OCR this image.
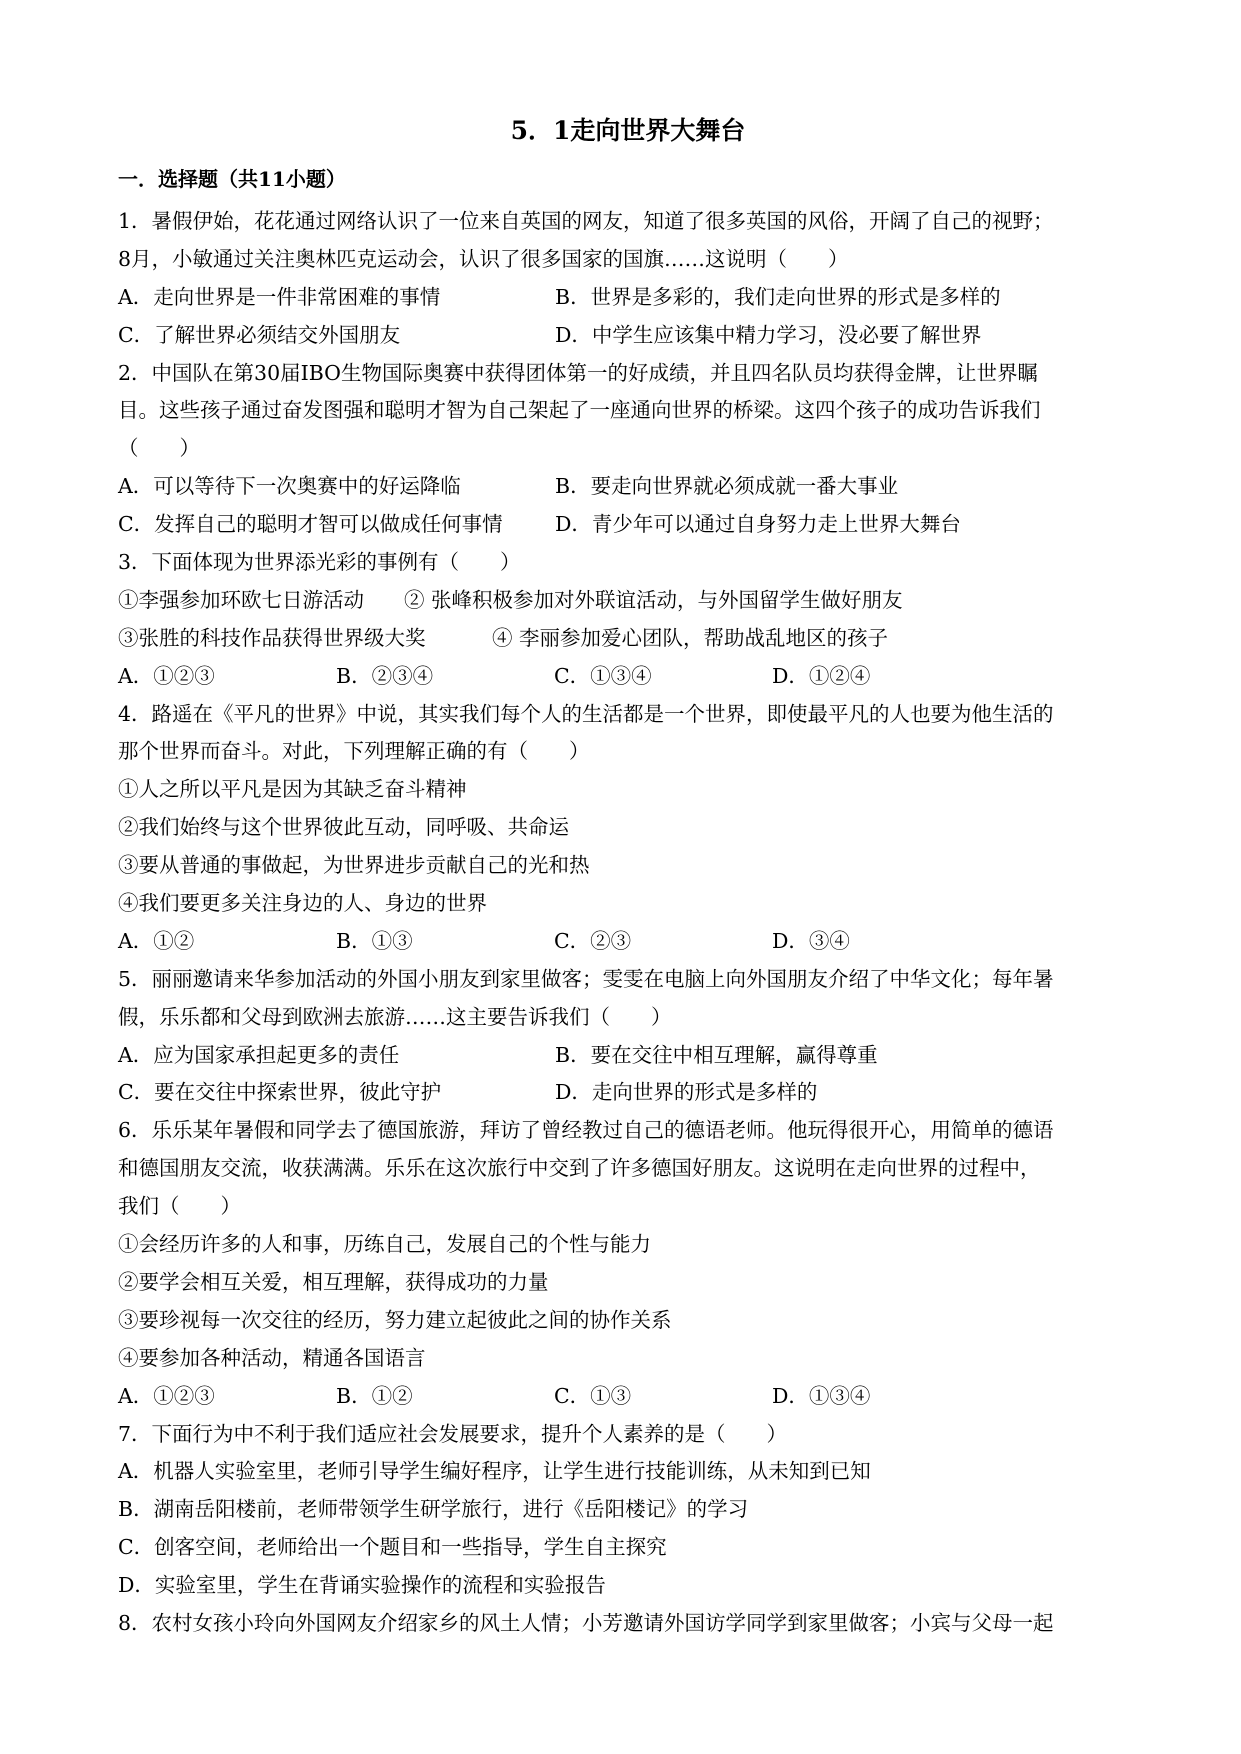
5．1走向世界大舞台
一．选择题（共11小题）
1．暑假伊始，花花通过网络认识了一位来自英国的网友，知道了很多英国的风俗，开阔了自己的视野；
8月，小敏通过关注奥林匹克运动会，认识了很多国家的国旗……这说明（　　）
A．走向世界是一件非常困难的事情	B．世界是多彩的，我们走向世界的形式是多样的
C．了解世界必须结交外国朋友	D．中学生应该集中精力学习，没必要了解世界
2．中国队在第30届IBO生物国际奥赛中获得团体第一的好成绩，并且四名队员均获得金牌，让世界瞩
目。这些孩子通过奋发图强和聪明才智为自己架起了一座通向世界的桥梁。这四个孩子的成功告诉我们
（　　）
A．可以等待下一次奥赛中的好运降临	B．要走向世界就必须成就一番大事业
C．发挥自己的聪明才智可以做成任何事情	D．青少年可以通过自身努力走上世界大舞台
3．下面体现为世界添光彩的事例有（　　）
①李强参加环欧七日游活动	② 张峰积极参加对外联谊活动，与外国留学生做好朋友
③张胜的科技作品获得世界级大奖	④ 李丽参加爱心团队，帮助战乱地区的孩子
A．①②③	B．②③④	C．①③④	D．①②④
4．路遥在《平凡的世界》中说，其实我们每个人的生活都是一个世界，即使最平凡的人也要为他生活的
那个世界而奋斗。对此，下列理解正确的有（　　）
①人之所以平凡是因为其缺乏奋斗精神
②我们始终与这个世界彼此互动，同呼吸、共命运
③要从普通的事做起，为世界进步贡献自己的光和热
④我们要更多关注身边的人、身边的世界
A．①②	B．①③	C．②③	D．③④
5．丽丽邀请来华参加活动的外国小朋友到家里做客；雯雯在电脑上向外国朋友介绍了中华文化；每年暑
假，乐乐都和父母到欧洲去旅游……这主要告诉我们（　　）
A．应为国家承担起更多的责任	B．要在交往中相互理解，赢得尊重
C．要在交往中探索世界，彼此守护	D．走向世界的形式是多样的
6．乐乐某年暑假和同学去了德国旅游，拜访了曾经教过自己的德语老师。他玩得很开心，用简单的德语
和德国朋友交流，收获满满。乐乐在这次旅行中交到了许多德国好朋友。这说明在走向世界的过程中，
我们（　　）
①会经历许多的人和事，历练自己，发展自己的个性与能力
②要学会相互关爱，相互理解，获得成功的力量
③要珍视每一次交往的经历，努力建立起彼此之间的协作关系
④要参加各种活动，精通各国语言
A．①②③	B．①②	C．①③	D．①③④
7．下面行为中不利于我们适应社会发展要求，提升个人素养的是（　　）
A．机器人实验室里，老师引导学生编好程序，让学生进行技能训练，从未知到已知
B．湖南岳阳楼前，老师带领学生研学旅行，进行《岳阳楼记》的学习
C．创客空间，老师给出一个题目和一些指导，学生自主探究
D．实验室里，学生在背诵实验操作的流程和实验报告
8．农村女孩小玲向外国网友介绍家乡的风土人情；小芳邀请外国访学同学到家里做客；小宾与父母一起
